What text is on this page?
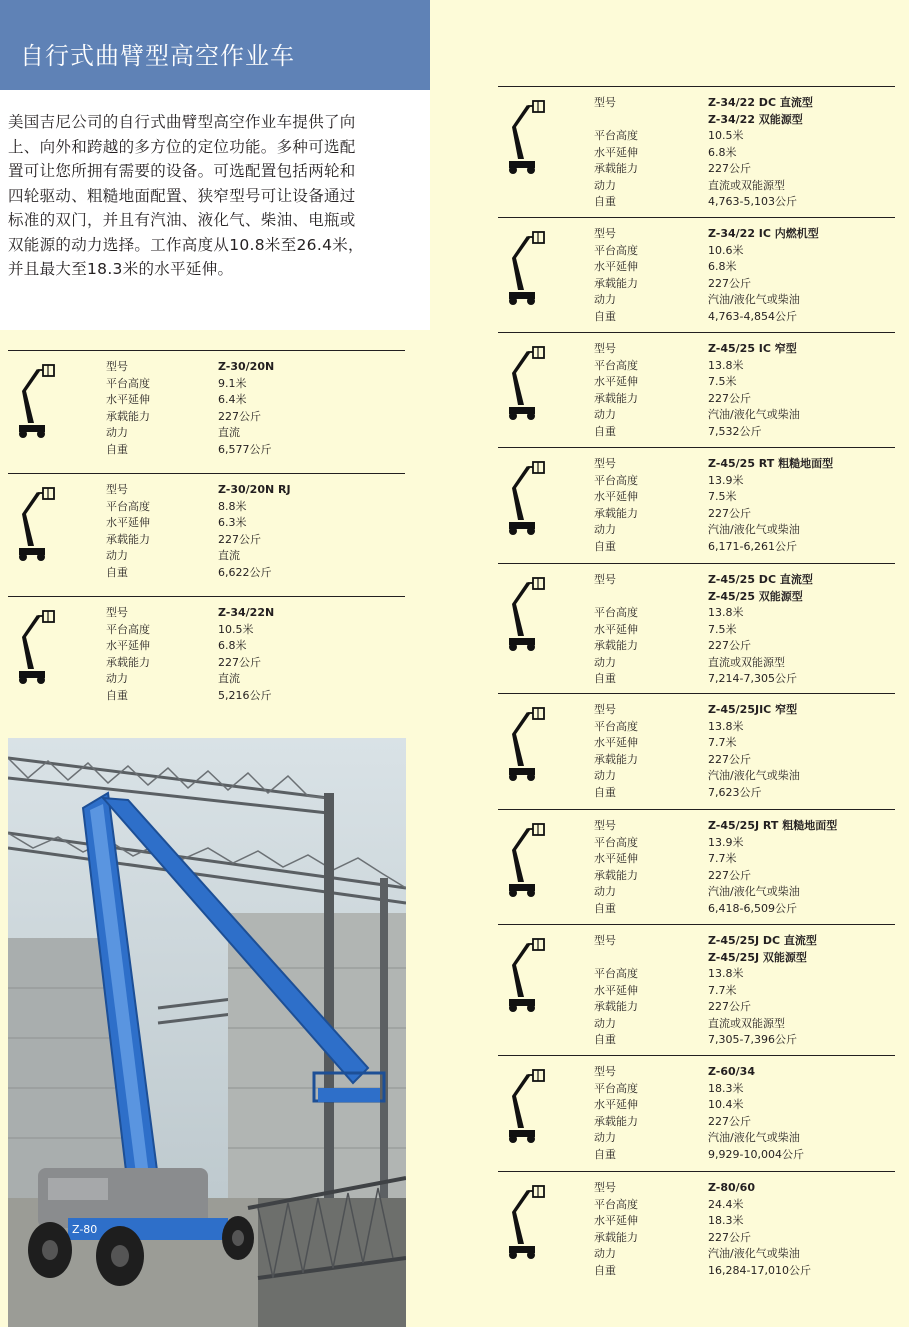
自行式曲臂型高空作业车
美国吉尼公司的自行式曲臂型高空作业车提供了向
上、向外和跨越的多方位的定位功能。多种可选配
置可让您所拥有需要的设备。可选配置包括两轮和
四轮驱动、粗糙地面配置、狭窄型号可让设备通过
标准的双门，并且有汽油、液化气、柴油、电瓶或
双能源的动力选择。工作高度从10.8米至26.4米，
并且最大至18.3米的水平延伸。
型号	Z-30/20N
平台高度	9.1米
水平延伸	6.4米
承载能力	227公斤
动力	直流
自重	6,577公斤
型号	Z-30/20N RJ
平台高度	8.8米
水平延伸	6.3米
承载能力	227公斤
动力	直流
自重	6,622公斤
型号	Z-34/22N
平台高度	10.5米
水平延伸	6.8米
承载能力	227公斤
动力	直流
自重	5,216公斤
型号	Z-34/22 DC 直流型
Z-34/22 双能源型
平台高度	10.5米
水平延伸	6.8米
承载能力	227公斤
动力	直流或双能源型
自重	4,763-5,103公斤
型号	Z-34/22 IC 内燃机型
平台高度	10.6米
水平延伸	6.8米
承载能力	227公斤
动力	汽油/液化气或柴油
自重	4,763-4,854公斤
型号	Z-45/25 IC 窄型
平台高度	13.8米
水平延伸	7.5米
承载能力	227公斤
动力	汽油/液化气或柴油
自重	7,532公斤
型号	Z-45/25 RT 粗糙地面型
平台高度	13.9米
水平延伸	7.5米
承载能力	227公斤
动力	汽油/液化气或柴油
自重	6,171-6,261公斤
型号	Z-45/25 DC 直流型
Z-45/25 双能源型
平台高度	13.8米
水平延伸	7.5米
承载能力	227公斤
动力	直流或双能源型
自重	7,214-7,305公斤
型号	Z-45/25JIC 窄型
平台高度	13.8米
水平延伸	7.7米
承载能力	227公斤
动力	汽油/液化气或柴油
自重	7,623公斤
型号	Z-45/25J RT 粗糙地面型
平台高度	13.9米
水平延伸	7.7米
承载能力	227公斤
动力	汽油/液化气或柴油
自重	6,418-6,509公斤
型号	Z-45/25J DC 直流型
Z-45/25J 双能源型
平台高度	13.8米
水平延伸	7.7米
承载能力	227公斤
动力	直流或双能源型
自重	7,305-7,396公斤
型号	Z-60/34
平台高度	18.3米
水平延伸	10.4米
承载能力	227公斤
动力	汽油/液化气或柴油
自重	9,929-10,004公斤
型号	Z-80/60
平台高度	24.4米
水平延伸	18.3米
承载能力	227公斤
动力	汽油/液化气或柴油
自重	16,284-17,010公斤
Z-80
